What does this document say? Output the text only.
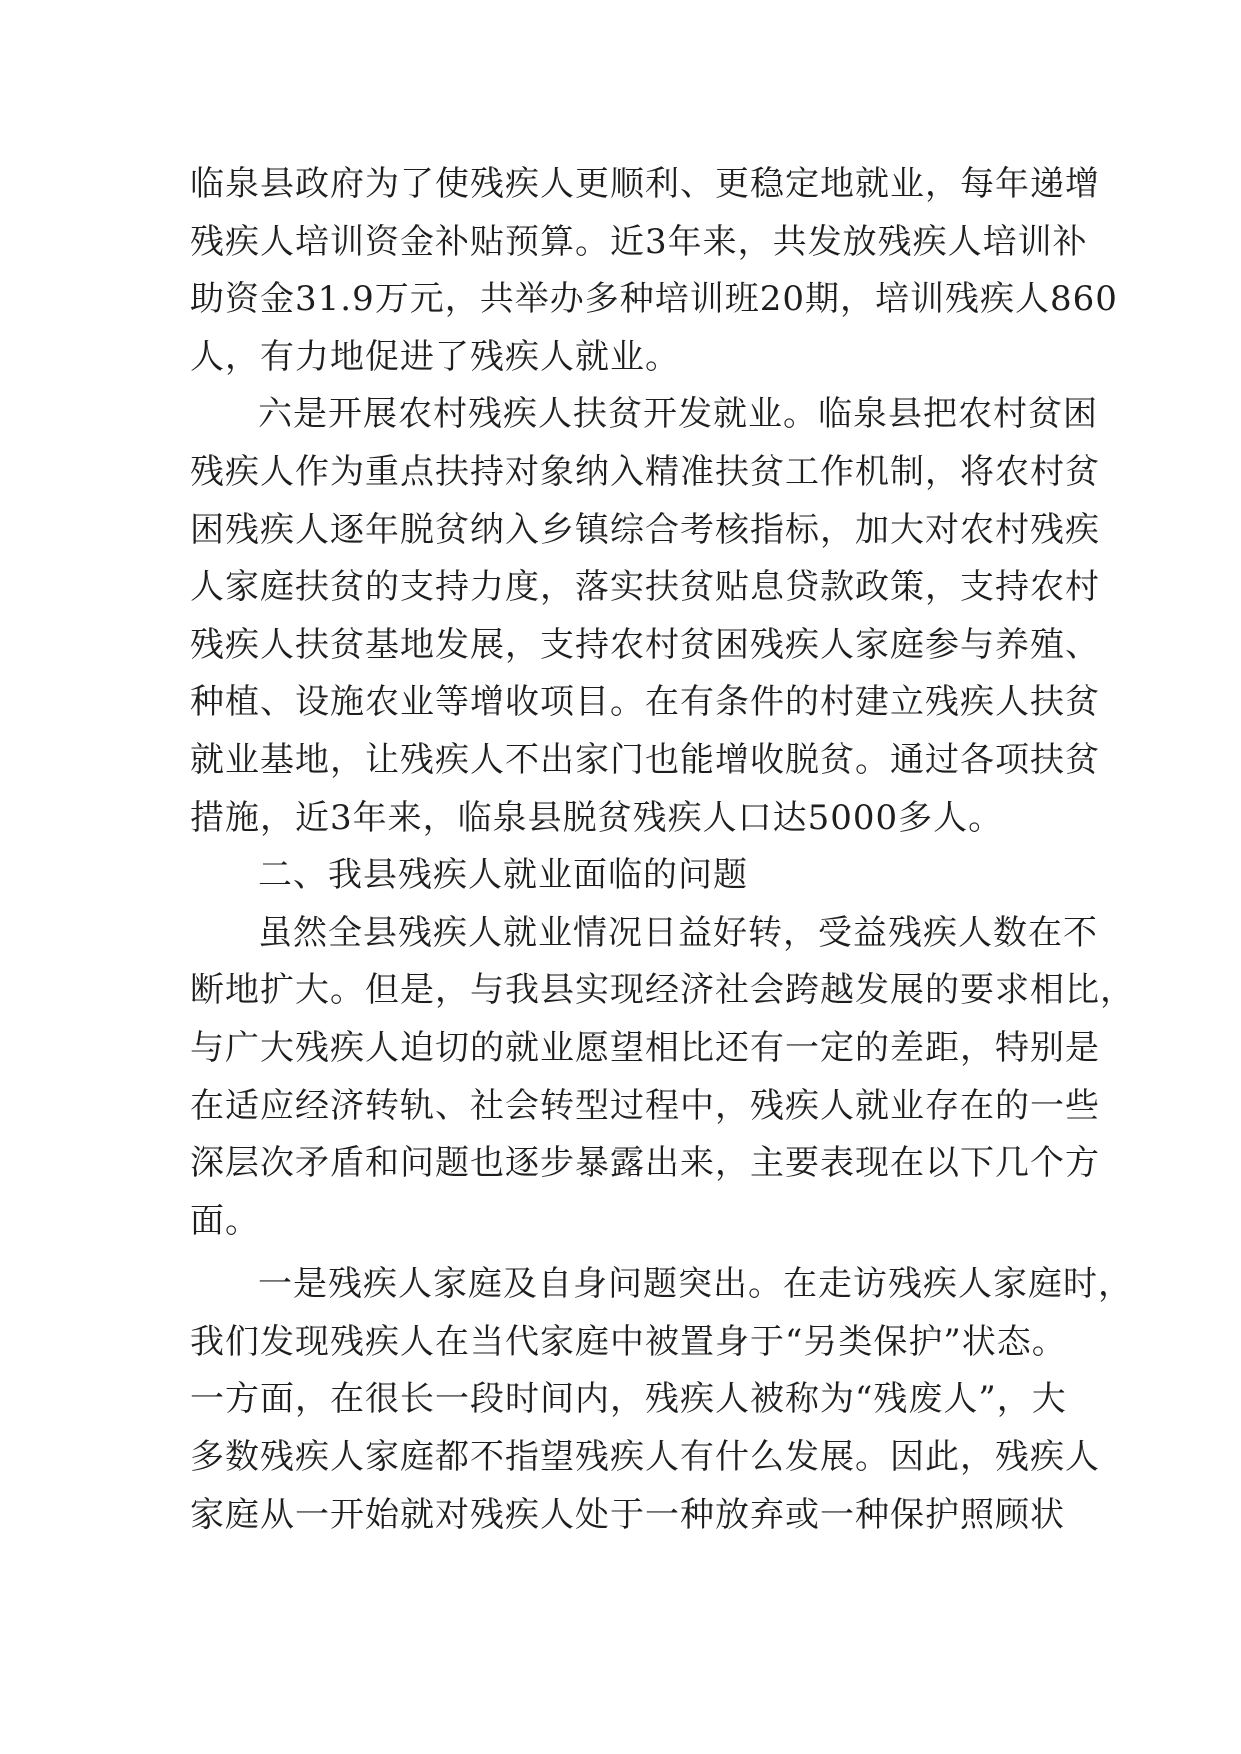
临泉县政府为了使残疾人更顺利、更稳定地就业，每年递增
残疾人培训资金补贴预算。近3年来，共发放残疾人培训补
助资金31.9万元，共举办多种培训班20期，培训残疾人860
人，有力地促进了残疾人就业。
六是开展农村残疾人扶贫开发就业。临泉县把农村贫困
残疾人作为重点扶持对象纳入精准扶贫工作机制，将农村贫
困残疾人逐年脱贫纳入乡镇综合考核指标，加大对农村残疾
人家庭扶贫的支持力度，落实扶贫贴息贷款政策，支持农村
残疾人扶贫基地发展，支持农村贫困残疾人家庭参与养殖、
种植、设施农业等增收项目。在有条件的村建立残疾人扶贫
就业基地，让残疾人不出家门也能增收脱贫。通过各项扶贫
措施，近3年来，临泉县脱贫残疾人口达5000多人。
二、我县残疾人就业面临的问题
虽然全县残疾人就业情况日益好转，受益残疾人数在不
断地扩大。但是，与我县实现经济社会跨越发展的要求相比，
与广大残疾人迫切的就业愿望相比还有一定的差距，特别是
在适应经济转轨、社会转型过程中，残疾人就业存在的一些
深层次矛盾和问题也逐步暴露出来，主要表现在以下几个方
面。
一是残疾人家庭及自身问题突出。在走访残疾人家庭时，
我们发现残疾人在当代家庭中被置身于“另类保护”状态。
一方面，在很长一段时间内，残疾人被称为“残废人”，大
多数残疾人家庭都不指望残疾人有什么发展。因此，残疾人
家庭从一开始就对残疾人处于一种放弃或一种保护照顾状
